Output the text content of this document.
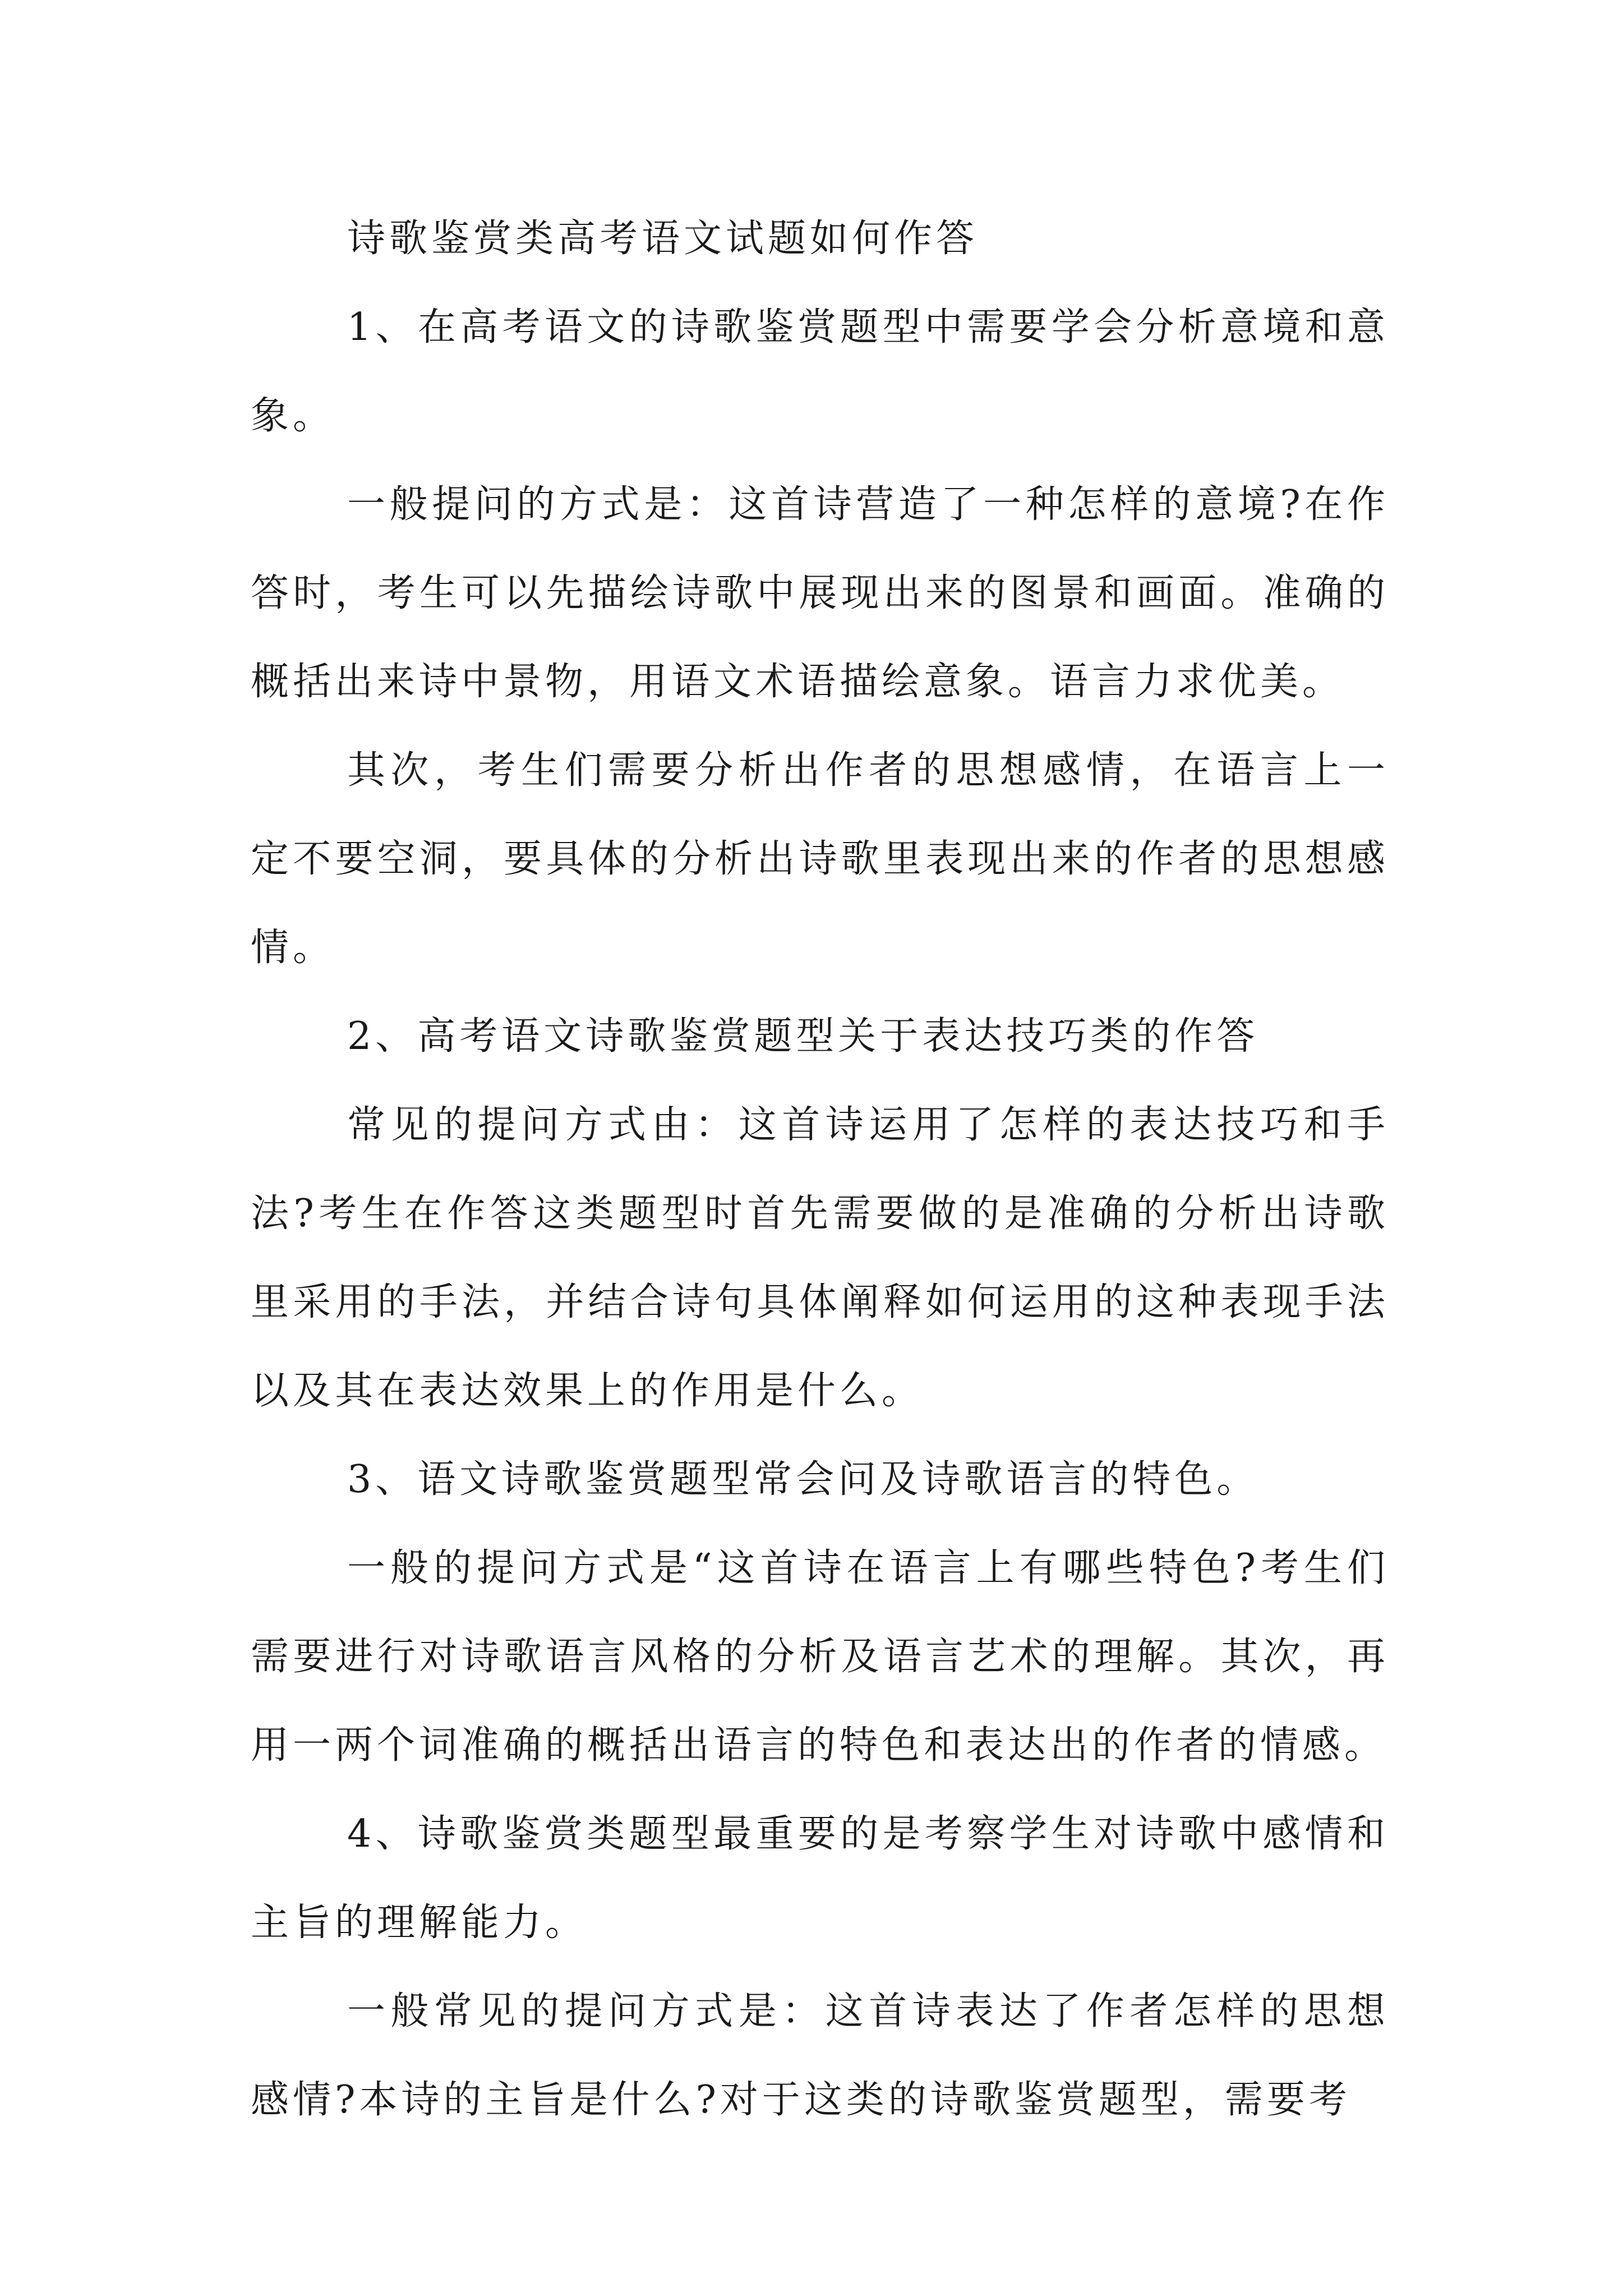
诗歌鉴赏类高考语文试题如何作答

1、在高考语文的诗歌鉴赏题型中需要学会分析意境和意象。

一般提问的方式是：这首诗营造了一种怎样的意境?在作答时，考生可以先描绘诗歌中展现出来的图景和画面。准确的概括出来诗中景物，用语文术语描绘意象。语言力求优美。

其次，考生们需要分析出作者的思想感情，在语言上一定不要空洞，要具体的分析出诗歌里表现出来的作者的思想感情。

2、高考语文诗歌鉴赏题型关于表达技巧类的作答

常见的提问方式由：这首诗运用了怎样的表达技巧和手法?考生在作答这类题型时首先需要做的是准确的分析出诗歌里采用的手法，并结合诗句具体阐释如何运用的这种表现手法以及其在表达效果上的作用是什么。

3、语文诗歌鉴赏题型常会问及诗歌语言的特色。

一般的提问方式是“这首诗在语言上有哪些特色?考生们需要进行对诗歌语言风格的分析及语言艺术的理解。其次，再用一两个词准确的概括出语言的特色和表达出的作者的情感。

4、诗歌鉴赏类题型最重要的是考察学生对诗歌中感情和主旨的理解能力。

一般常见的提问方式是：这首诗表达了作者怎样的思想感情?本诗的主旨是什么?对于这类的诗歌鉴赏题型，需要考
